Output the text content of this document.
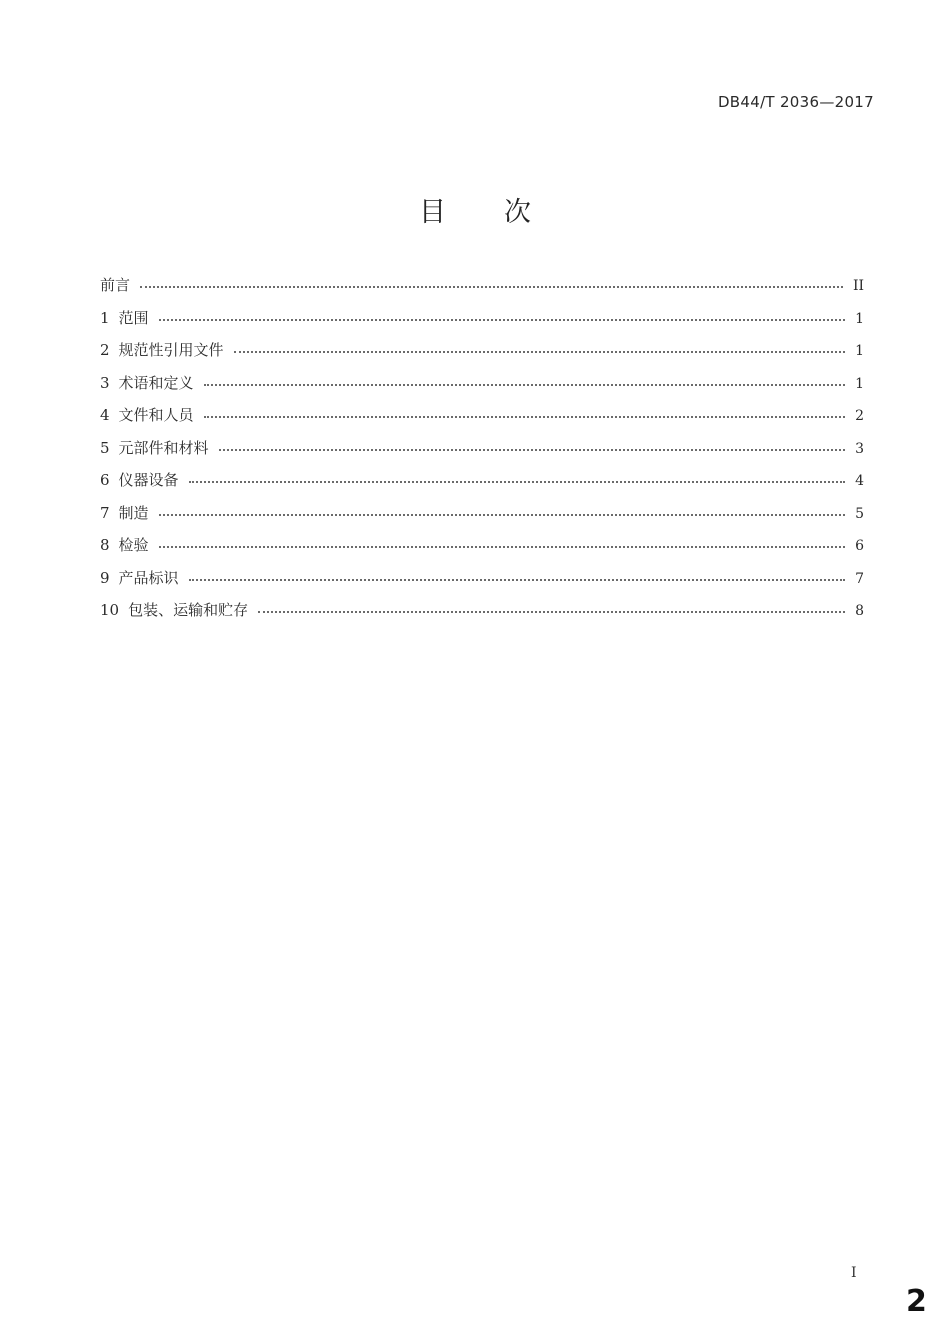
DB44/T 2036—2017
目次
前言	II
1 范围	1
2 规范性引用文件	1
3 术语和定义	1
4 文件和人员	2
5 元部件和材料	3
6 仪器设备	4
7 制造	5
8 检验	6
9 产品标识	7
10 包装、运输和贮存	8
I
2
